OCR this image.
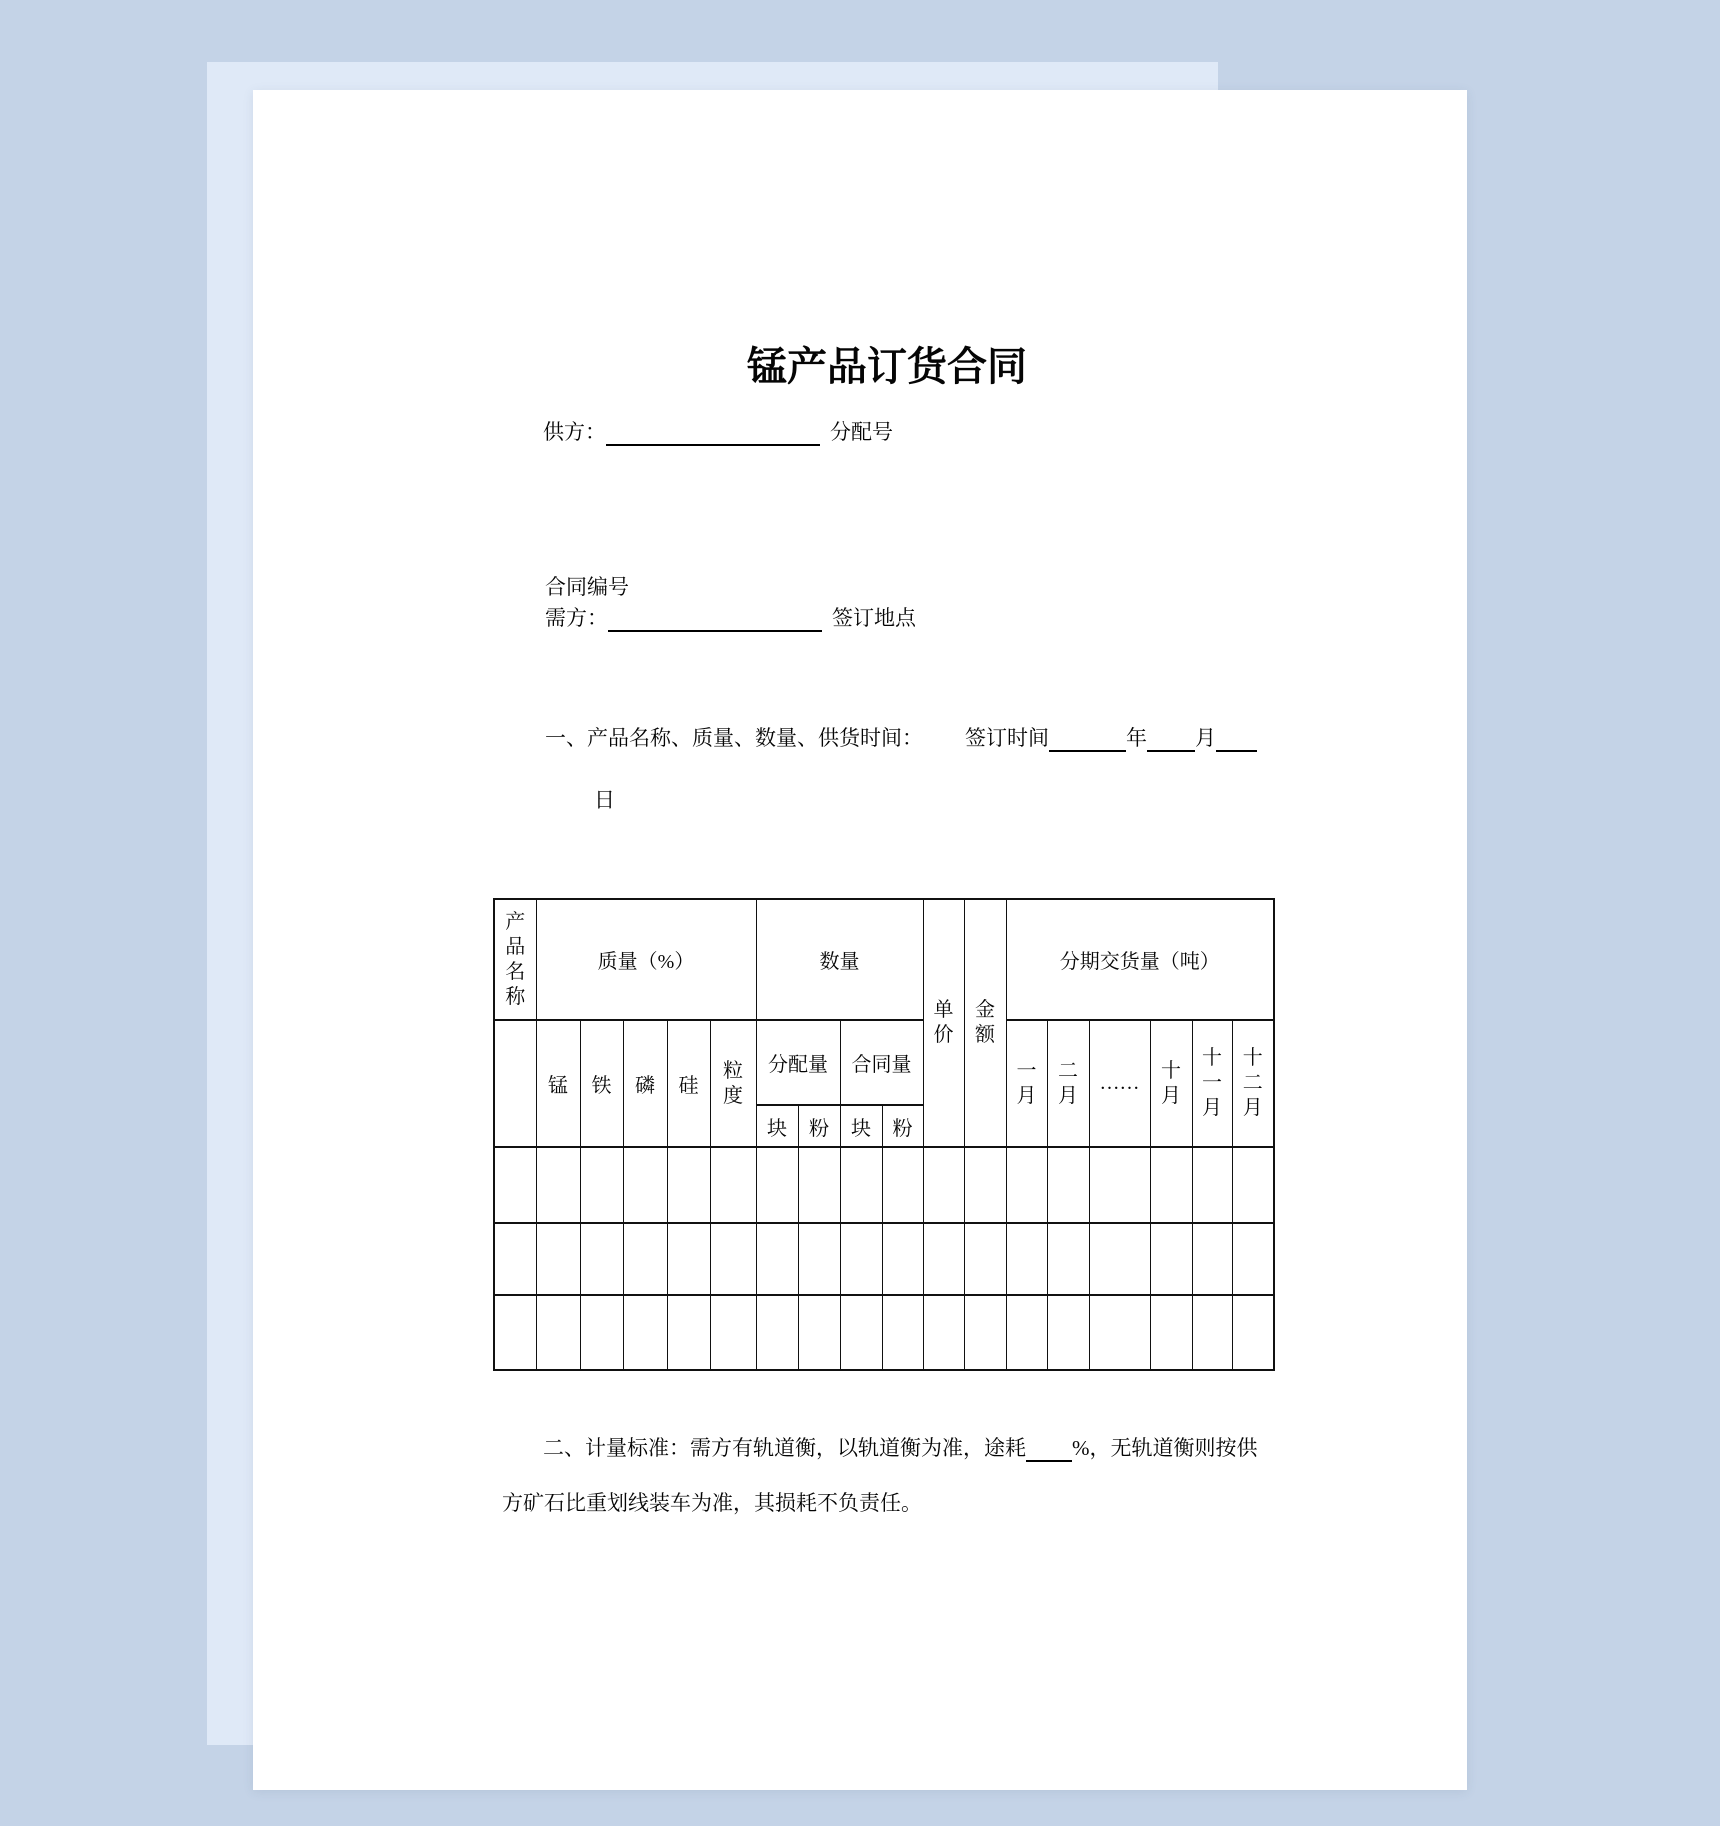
锰产品订货合同
供方：	分配号
合同编号
需方：	签订地点
一、产品名称、质量、数量、供货时间： 签订时间	年 月
日
产品名称	质量（%）					数量				单价	金额	分期交货量（吨）					
	锰	铁	磷	硅	粒度	分配量		合同量				一月	二月	……	十月	十一月	十二月
						块	粉	块	粉								

二、计量标准：需方有轨道衡，以轨道衡为准，途耗 %，无轨道衡则按供
方矿石比重划线装车为准，其损耗不负责任。
